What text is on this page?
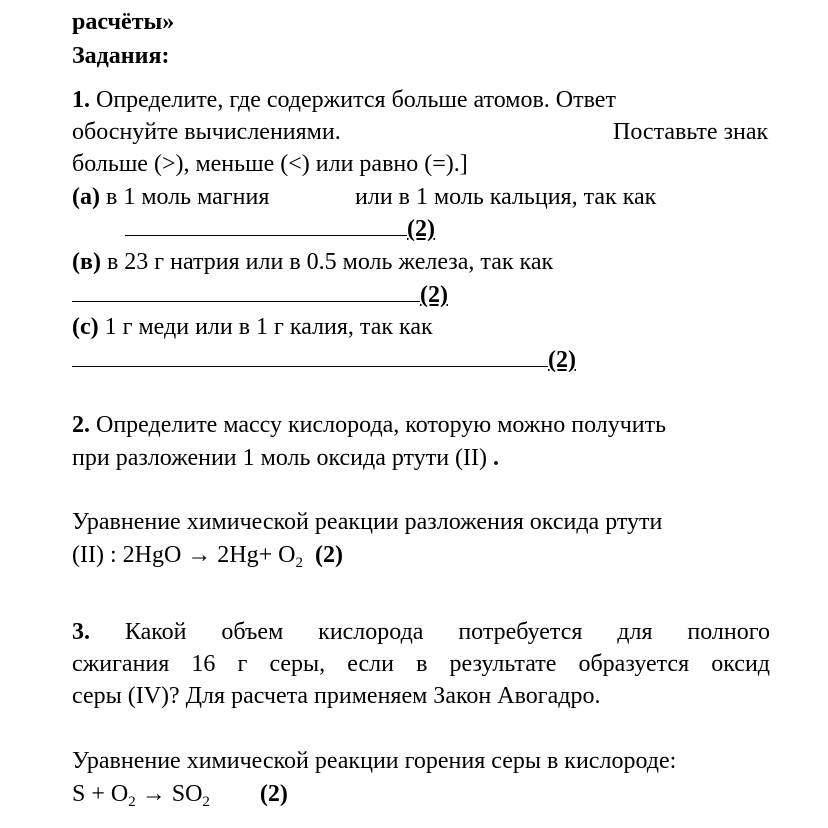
расчёты»
Задания:
1. Определите, где содержится больше атомов. Ответ
обоснуйте вычислениями.	Поставьте знак
больше (>), меньше (<) или равно (=).]
(а) в 1 моль магния	или в 1 моль кальция, так как
(2)
(в) в 23 г натрия или в 0.5 моль железа, так как
(2)
(с) 1 г меди или в 1 г калия, так как
(2)
2. Определите массу кислорода, которую можно получить
при разложении 1 моль оксида ртути (II) .
Уравнение химической реакции разложения оксида ртути
(II) : $2HgO \to 2Hg+ O_2$ (2)
3. Какой объем кислорода потребуется для полного
сжигания 16 г серы, если в результате образуется оксид
серы (IV)? Для расчета применяем Закон Авогадро.
Уравнение химической реакции горения серы в кислороде:
$S + O_2 \to SO_2$ (2)
